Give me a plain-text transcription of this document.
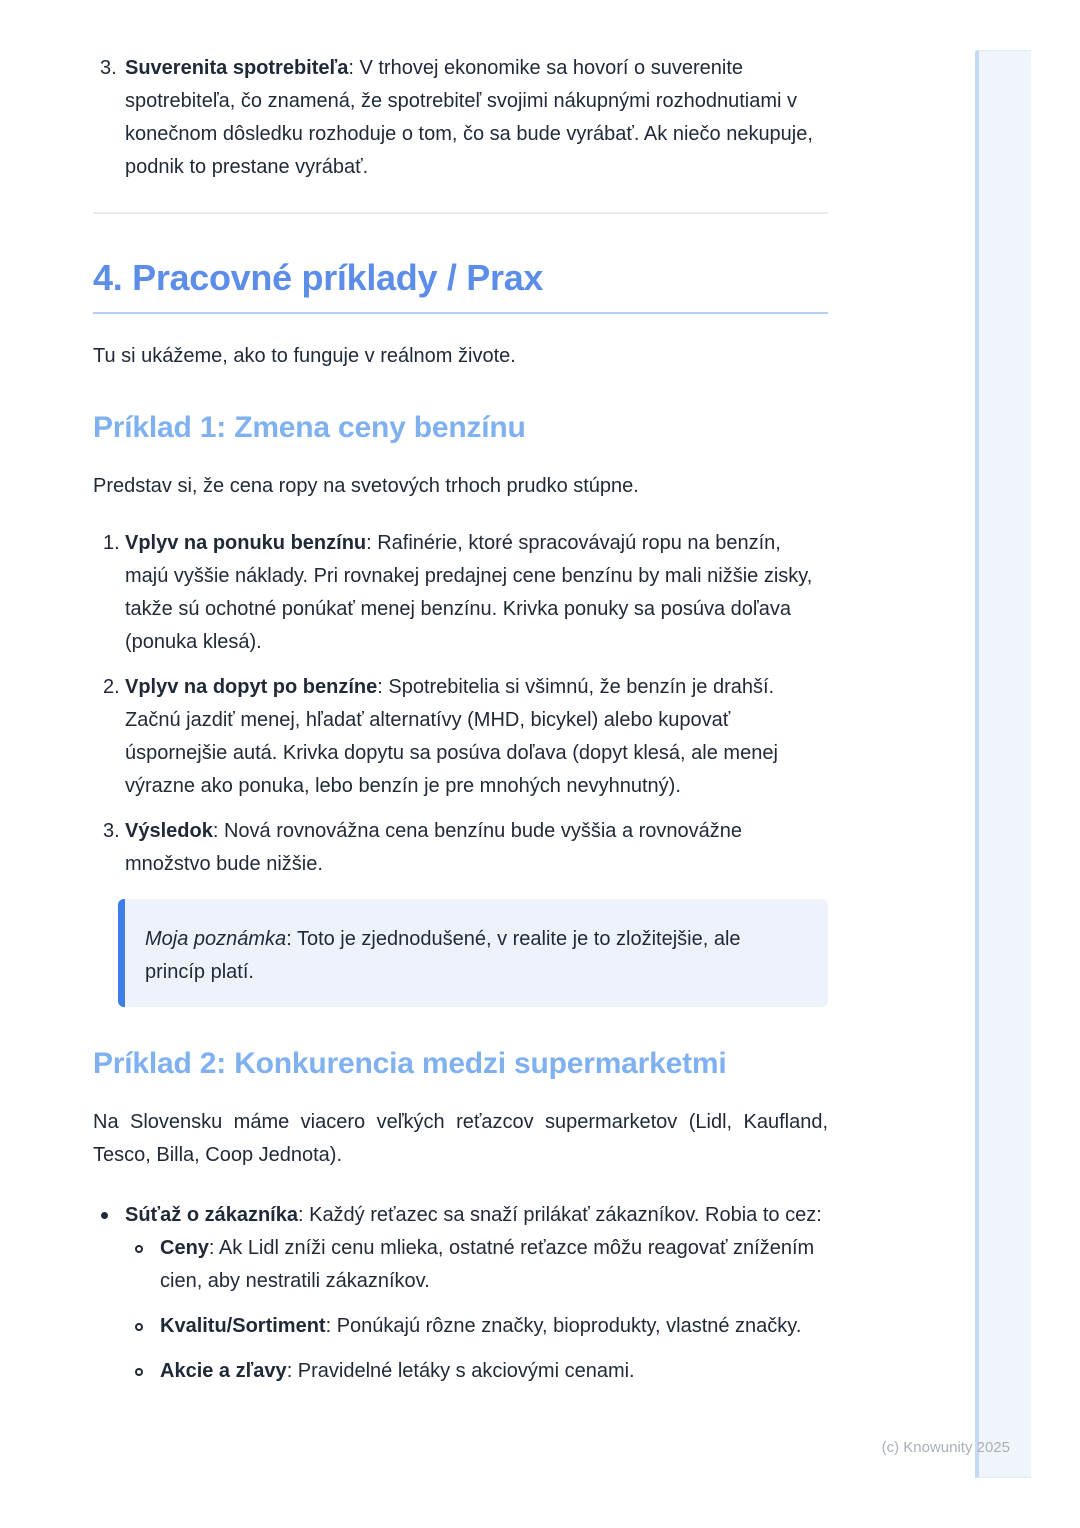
3. Suverenita spotrebiteľa: V trhovej ekonomike sa hovorí o suverenite spotrebiteľa, čo znamená, že spotrebiteľ svojimi nákupnými rozhodnutiami v konečnom dôsledku rozhoduje o tom, čo sa bude vyrábať. Ak niečo nekupuje, podnik to prestane vyrábať.
4. Pracovné príklady / Prax

Tu si ukážeme, ako to funguje v reálnom živote.

Príklad 1: Zmena ceny benzínu

Predstav si, že cena ropy na svetových trhoch prudko stúpne.

1. Vplyv na ponuku benzínu: Rafinérie, ktoré spracovávajú ropu na benzín, majú vyššie náklady. Pri rovnakej predajnej cene benzínu by mali nižšie zisky, takže sú ochotné ponúkať menej benzínu. Krivka ponuky sa posúva doľava (ponuka klesá).
2. Vplyv na dopyt po benzíne: Spotrebitelia si všimnú, že benzín je drahší. Začnú jazdiť menej, hľadať alternatívy (MHD, bicykel) alebo kupovať úspornejšie autá. Krivka dopytu sa posúva doľava (dopyt klesá, ale menej výrazne ako ponuka, lebo benzín je pre mnohých nevyhnutný).
3. Výsledok: Nová rovnovážna cena benzínu bude vyššia a rovnovážne množstvo bude nižšie.

Moja poznámka: Toto je zjednodušené, v realite je to zložitejšie, ale princíp platí.

Príklad 2: Konkurencia medzi supermarketmi

Na Slovensku máme viacero veľkých reťazcov supermarketov (Lidl, Kaufland, Tesco, Billa, Coop Jednota).

Súťaž o zákazníka: Každý reťazec sa snaží prilákať zákazníkov. Robia to cez:
Ceny: Ak Lidl zníži cenu mlieka, ostatné reťazce môžu reagovať znížením cien, aby nestratili zákazníkov.
Kvalitu/Sortiment: Ponúkajú rôzne značky, bioprodukty, vlastné značky.
Akcie a zľavy: Pravidelné letáky s akciovými cenami.
(c) Knowunity 2025
